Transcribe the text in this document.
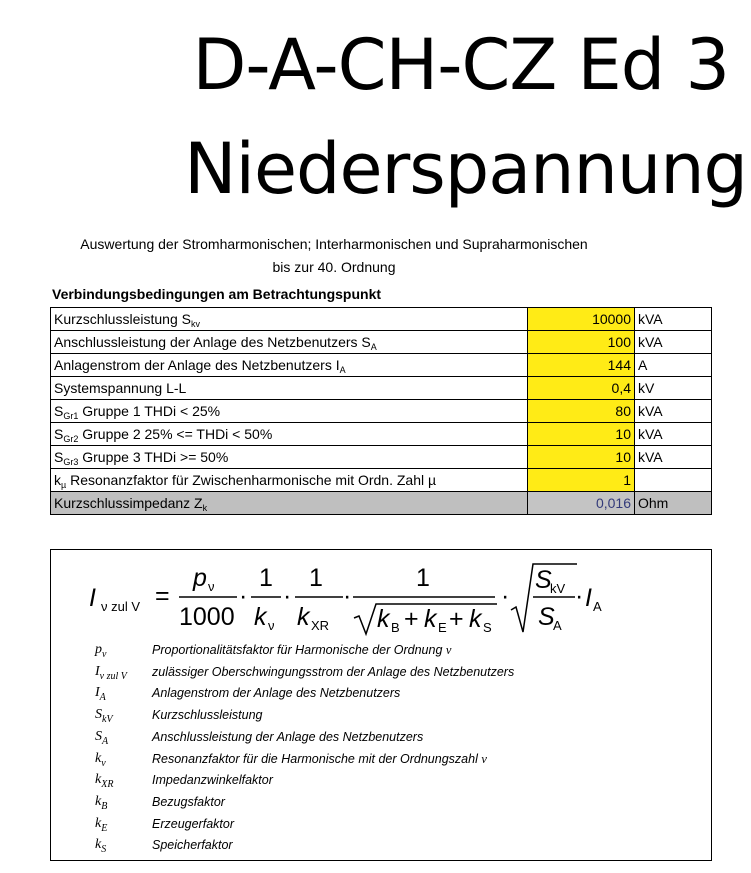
D-A-CH-CZ Ed 3
Niederspannung
Auswertung der Stromharmonischen; Interharmonischen und Supraharmonischen
bis zur 40. Ordnung
Verbindungsbedingungen am Betrachtungspunkt
Kurzschlussleistung $S_{kv}$	10000	kVA
Anschlussleistung der Anlage des Netzbenutzers $S_A$	100	kVA
Anlagenstrom der Anlage des Netzbenutzers $I_A$	144	A
Systemspannung L-L	0,4	kV
$S_{Gr1}$ Gruppe 1 THDi < 25%	80	kVA
$S_{Gr2}$ Gruppe 2 25% <= THDi < 50%	10	kVA
$S_{Gr3}$ Gruppe 3 THDi >= 50%	10	kVA
$k_\mu$ Resonanzfaktor für Zwischenharmonische mit Ordn. Zahl µ	1	
Kurzschlussimpedanz $Z_k$	0,016	Ohm
I ν zul V =
p ν
1000
·
1
k ν
·
1
k XR
·
1
k B + k E + k S
·
S
kV
S
A
· I A
$p_\nu$	Proportionalitätsfaktor für Harmonische der Ordnung ν
$I_{\nu zul V}$ zulässiger Oberschwingungsstrom der Anlage des Netzbenutzers
$I_A$	Anlagenstrom der Anlage des Netzbenutzers
$S_{kV}$	Kurzschlussleistung
$S_A$	Anschlussleistung der Anlage des Netzbenutzers
$k_\nu$	Resonanzfaktor für die Harmonische mit der Ordnungszahl ν
$k_{XR}$	Impedanzwinkelfaktor
$k_B$	Bezugsfaktor
$k_E$	Erzeugerfaktor
$k_S$	Speicherfaktor
